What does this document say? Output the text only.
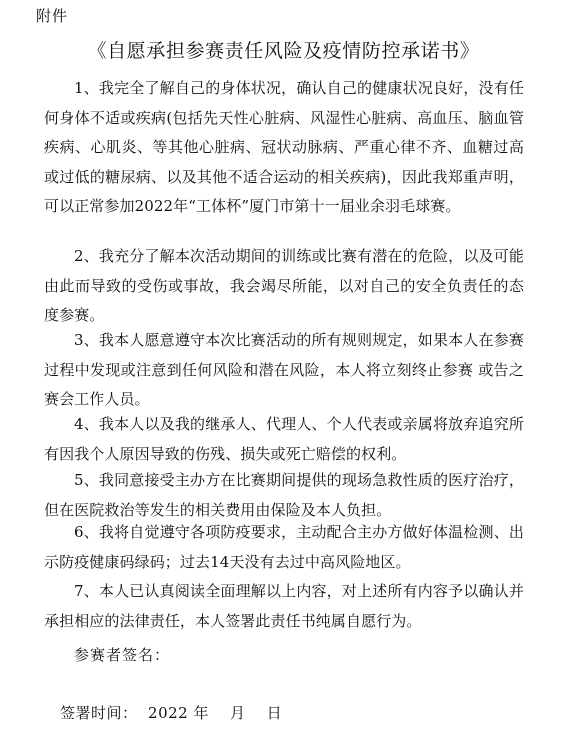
附件
《自愿承担参赛责任风险及疫情防控承诺书》

1、我完全了解自己的身体状况，确认自己的健康状况良好，没有任何身体不适或疾病(包括先天性心脏病、风湿性心脏病、高血压、脑血管疾病、心肌炎、等其他心脏病、冠状动脉病、严重心律不齐、血糖过高或过低的糖尿病、以及其他不适合运动的相关疾病)，因此我郑重声明，可以正常参加2022年“工体杯”厦门市第十一届业余羽毛球赛。

2、我充分了解本次活动期间的训练或比赛有潜在的危险，以及可能由此而导致的受伤或事故，我会竭尽所能，以对自己的安全负责任的态度参赛。

3、我本人愿意遵守本次比赛活动的所有规则规定，如果本人在参赛过程中发现或注意到任何风险和潜在风险，本人将立刻终止参赛 或告之赛会工作人员。

4、我本人以及我的继承人、代理人、个人代表或亲属将放弃追究所有因我个人原因导致的伤残、损失或死亡赔偿的权利。

5、我同意接受主办方在比赛期间提供的现场急救性质的医疗治疗，但在医院救治等发生的相关费用由保险及本人负担。

6、我将自觉遵守各项防疫要求，主动配合主办方做好体温检测、出示防疫健康码绿码；过去14天没有去过中高风险地区。

7、本人已认真阅读全面理解以上内容，对上述所有内容予以确认并承担相应的法律责任，本人签署此责任书纯属自愿行为。

参赛者签名：
签署时间：  2022 年    月    日
